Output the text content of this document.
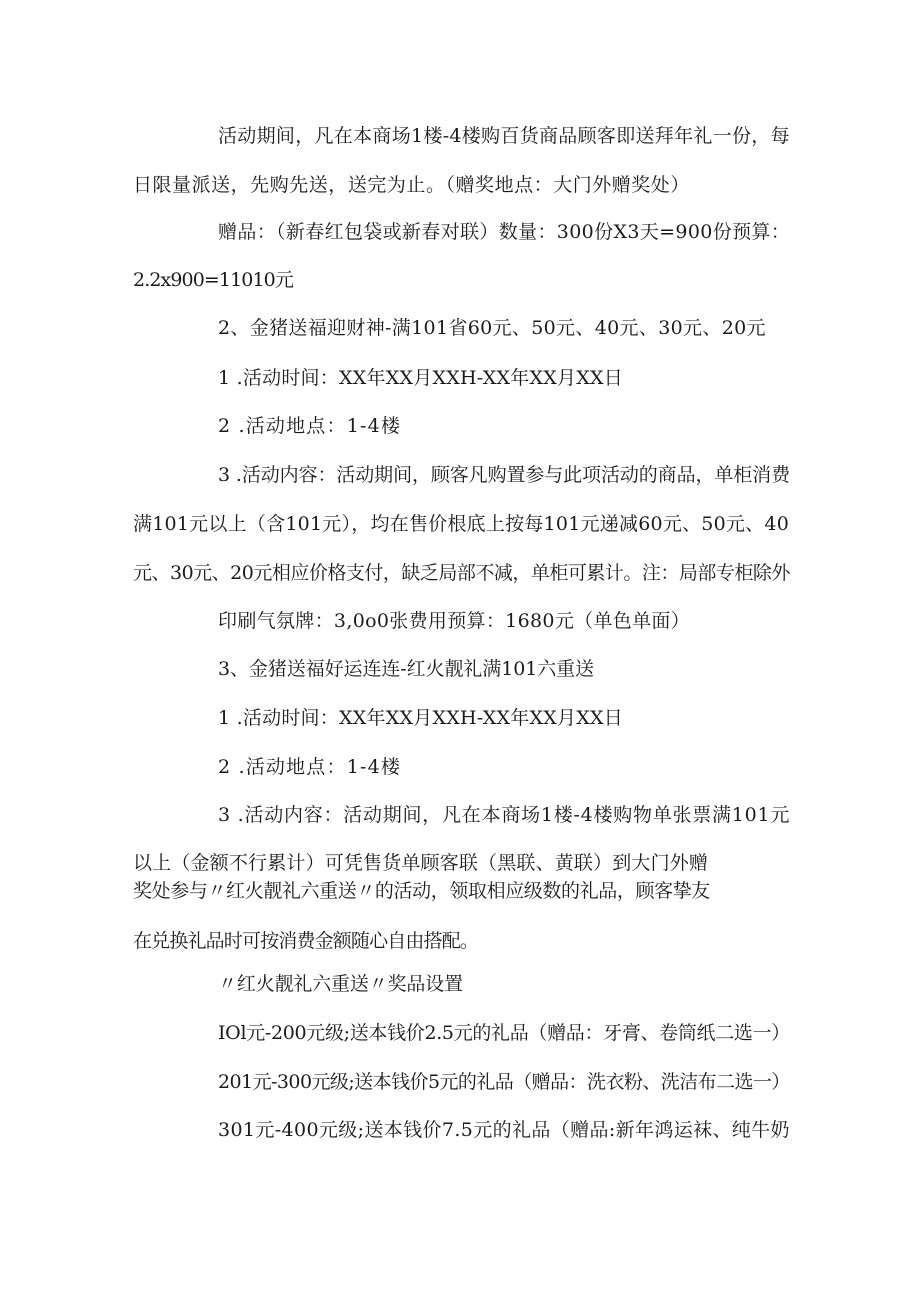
活动期间，凡在本商场1楼-4楼购百货商品顾客即送拜年礼一份，每
日限量派送，先购先送，送完为止。（赠奖地点：大门外赠奖处）
赠品：（新春红包袋或新春对联）数量：300份X3天=900份预算：
2.2x900=11010元
2、金猪送福迎财神-满101省60元、50元、40元、30元、20元
1 .活动时间：XX年XX月XXH-XX年XX月XX日
2 .活动地点：1-4楼
3 .活动内容：活动期间，顾客凡购置参与此项活动的商品，单柜消费
满101元以上（含101元），均在售价根底上按每101元递减60元、50元、40
元、30元、20元相应价格支付，缺乏局部不减，单柜可累计。注：局部专柜除外
印刷气氛牌：3,0o0张费用预算：1680元（单色单面）
3、金猪送福好运连连-红火靓礼满101六重送
1 .活动时间：XX年XX月XXH-XX年XX月XX日
2 .活动地点：1-4楼
3 .活动内容：活动期间，凡在本商场1楼-4楼购物单张票满101元
以上（金额不行累计）可凭售货单顾客联（黑联、黄联）到大门外赠
奖处参与〃红火靓礼六重送〃的活动，领取相应级数的礼品，顾客挚友
在兑换礼品时可按消费金额随心自由搭配。
〃红火靓礼六重送〃奖品设置
IOl元-200元级;送本钱价2.5元的礼品（赠品：牙膏、卷筒纸二选一）
201元-300元级;送本钱价5元的礼品（赠品：洗衣粉、洗洁布二选一）
301元-400元级;送本钱价7.5元的礼品（赠品:新年鸿运袜、纯牛奶
